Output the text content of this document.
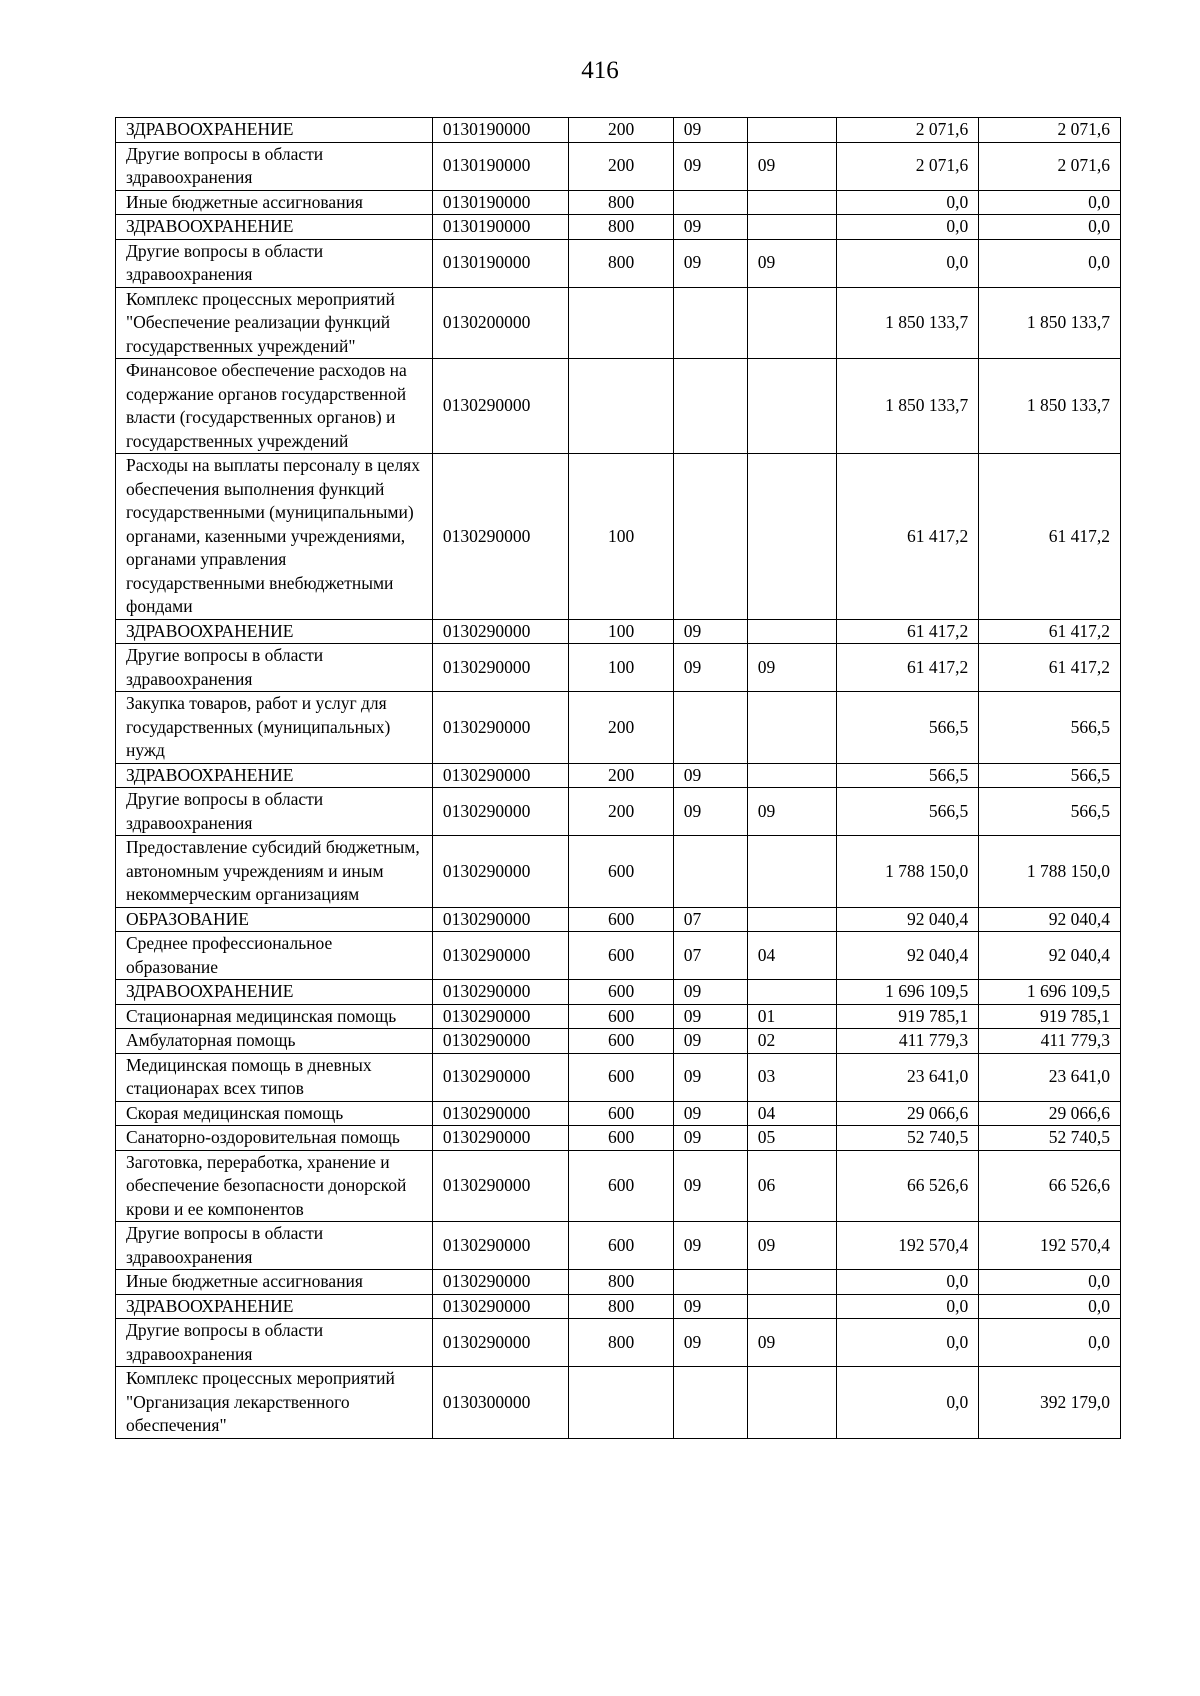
416
ЗДРАВООХРАНЕНИЕ	0130190000	200	09		2 071,6	2 071,6
Другие вопросы в области здравоохранения	0130190000	200	09	09	2 071,6	2 071,6
Иные бюджетные ассигнования	0130190000	800			0,0	0,0
ЗДРАВООХРАНЕНИЕ	0130190000	800	09		0,0	0,0
Другие вопросы в области здравоохранения	0130190000	800	09	09	0,0	0,0
Комплекс процессных мероприятий "Обеспечение реализации функций государственных учреждений"	0130200000				1 850 133,7	1 850 133,7
Финансовое обеспечение расходов на содержание органов государственной власти (государственных органов) и государственных учреждений	0130290000				1 850 133,7	1 850 133,7
Расходы на выплаты персоналу в целях обеспечения выполнения функций государственными (муниципальными) органами, казенными учреждениями, органами управления государственными внебюджетными фондами	0130290000	100			61 417,2	61 417,2
ЗДРАВООХРАНЕНИЕ	0130290000	100	09		61 417,2	61 417,2
Другие вопросы в области здравоохранения	0130290000	100	09	09	61 417,2	61 417,2
Закупка товаров, работ и услуг для государственных (муниципальных) нужд	0130290000	200			566,5	566,5
ЗДРАВООХРАНЕНИЕ	0130290000	200	09		566,5	566,5
Другие вопросы в области здравоохранения	0130290000	200	09	09	566,5	566,5
Предоставление субсидий бюджетным, автономным учреждениям и иным некоммерческим организациям	0130290000	600			1 788 150,0	1 788 150,0
ОБРАЗОВАНИЕ	0130290000	600	07		92 040,4	92 040,4
Среднее профессиональное образование	0130290000	600	07	04	92 040,4	92 040,4
ЗДРАВООХРАНЕНИЕ	0130290000	600	09		1 696 109,5	1 696 109,5
Стационарная медицинская помощь	0130290000	600	09	01	919 785,1	919 785,1
Амбулаторная помощь	0130290000	600	09	02	411 779,3	411 779,3
Медицинская помощь в дневных стационарах всех типов	0130290000	600	09	03	23 641,0	23 641,0
Скорая медицинская помощь	0130290000	600	09	04	29 066,6	29 066,6
Санаторно-оздоровительная помощь	0130290000	600	09	05	52 740,5	52 740,5
Заготовка, переработка, хранение и обеспечение безопасности донорской крови и ее компонентов	0130290000	600	09	06	66 526,6	66 526,6
Другие вопросы в области здравоохранения	0130290000	600	09	09	192 570,4	192 570,4
Иные бюджетные ассигнования	0130290000	800			0,0	0,0
ЗДРАВООХРАНЕНИЕ	0130290000	800	09		0,0	0,0
Другие вопросы в области здравоохранения	0130290000	800	09	09	0,0	0,0
Комплекс процессных мероприятий "Организация лекарственного обеспечения"	0130300000				0,0	392 179,0
